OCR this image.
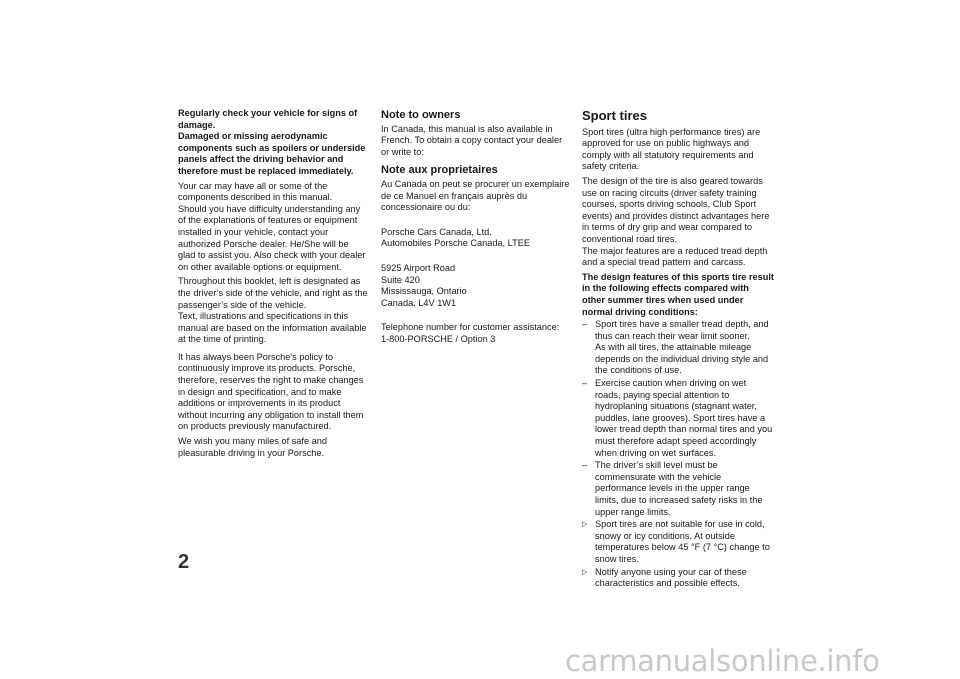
Regularly check your vehicle for signs of damage.
Damaged or missing aerodynamic components such as spoilers or underside panels affect the driving behavior and therefore must be replaced immediately.

Your car may have all or some of the components described in this manual.
Should you have difficulty understanding any of the explanations of features or equipment installed in your vehicle, contact your authorized Porsche dealer. He/She will be glad to assist you. Also check with your dealer on other available options or equipment.

Throughout this booklet, left is designated as the driver’s side of the vehicle, and right as the passenger’s side of the vehicle.
Text, illustrations and specifications in this manual are based on the information available at the time of printing.

It has always been Porsche's policy to continuously improve its products. Porsche, therefore, reserves the right to make changes in design and specification, and to make additions or improvements in its product without incurring any obligation to install them on products previously manufactured.

We wish you many miles of safe and pleasurable driving in your Porsche.

Note to owners

In Canada, this manual is also available in French. To obtain a copy contact your dealer or write to:

Note aux proprietaires

Au Canada on peut se procurer un exemplaire de ce Manuel en français auprès du concessionaire ou du:

Porsche Cars Canada, Ltd.
Automobiles Porsche Canada, LTEE

5925 Airport Road
Suite 420
Mississauga, Ontario
Canada, L4V 1W1

Telephone number for customer assistance:
1-800-PORSCHE / Option 3

Sport tires

Sport tires (ultra high performance tires) are approved for use on public highways and comply with all statutory requirements and safety criteria.

The design of the tire is also geared towards use on racing circuits (driver safety training courses, sports driving schools, Club Sport events) and provides distinct advantages here in terms of dry grip and wear compared to conventional road tires.
The major features are a reduced tread depth and a special tread pattern and carcass.

The design features of this sports tire result in the following effects compared with other summer tires when used under normal driving conditions:

– Sport tires have a smaller tread depth, and thus can reach their wear limit sooner.
As with all tires, the attainable mileage depends on the individual driving style and the conditions of use.
– Exercise caution when driving on wet roads, paying special attention to hydroplaning situations (stagnant water, puddles, lane grooves). Sport tires have a lower tread depth than normal tires and you must therefore adapt speed accordingly when driving on wet surfaces.
– The driver’s skill level must be commensurate with the vehicle performance levels in the upper range limits, due to increased safety risks in the upper range limits.
▷ Sport tires are not suitable for use in cold, snowy or icy conditions. At outside temperatures below 45 °F (7 °C) change to snow tires.
▷ Notify anyone using your car of these characteristics and possible effects.
2
carmanualsonline.info
